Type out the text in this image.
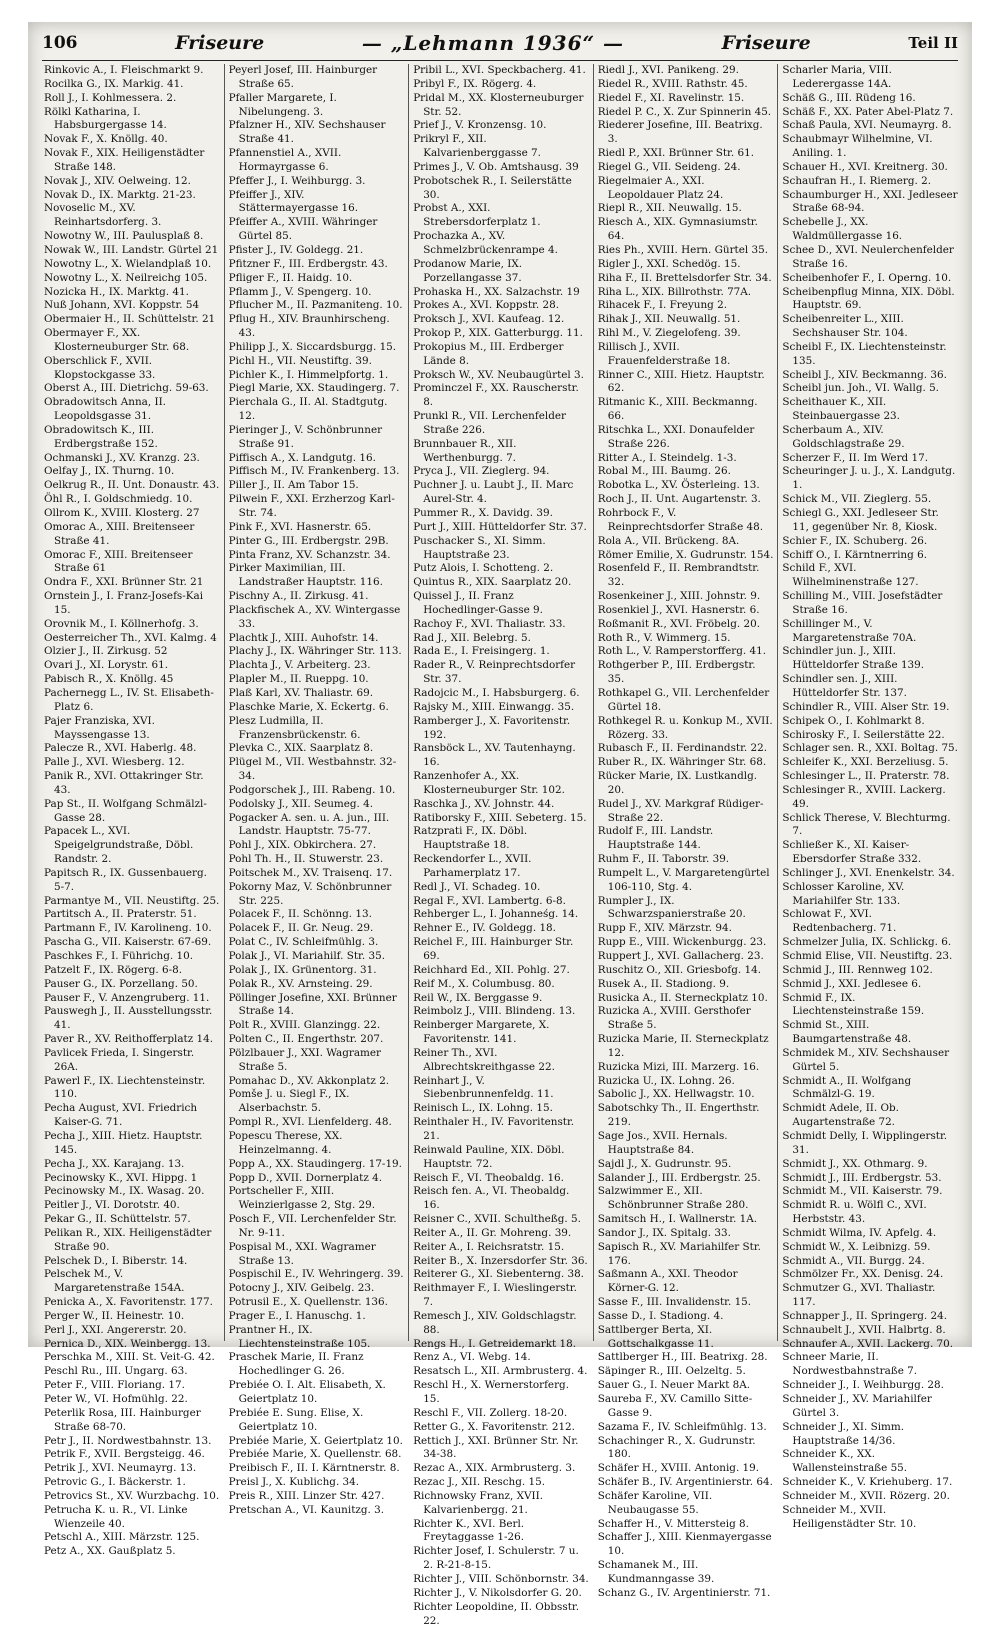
106	Friseure	— „Lehmann 1936“ —	Friseure	Teil II

Rinkovic A., I. Fleischmarkt 9.

Rocilka G., IX. Markig. 41.

Roll J., I. Kohlmessera. 2.

Rölkl Katharina, I. Habsburgergasse 14.

Novak F., X. Knöllg. 40.

Novak F., XIX. Heiligenstädter Straße 148.

Novak J., XIV. Oelweing. 12.

Novak D., IX. Marktg. 21-23.

Novoselic M., XV. Reinhartsdorferg. 3.

Nowotny W., III. Paulusplaß 8.

Nowak W., III. Landstr. Gürtel 21

Nowotny L., X. Wielandplaß 10.

Nowotny L., X. Neilreichg 105.

Nozicka H., IX. Marktg. 41.

Nuß Johann, XVI. Koppstr. 54

Obermaier H., II. Schüttelstr. 21

Obermayer F., XX. Klosterneuburger Str. 68.

Oberschlick F., XVII. Klopstockgasse 33.

Oberst A., III. Dietrichg. 59-63.

Obradowitsch Anna, II. Leopoldsgasse 31.

Obradowitsch K., III. Erdbergstraße 152.

Ochmanski J., XV. Kranzg. 23.

Oelfay J., IX. Thurng. 10.

Oelkrug R., II. Unt. Donaustr. 43.

Öhl R., I. Goldschmiedg. 10.

Ollrom K., XVIII. Klosterg. 27

Omorac A., XIII. Breitenseer Straße 41.

Omorac F., XIII. Breitenseer Straße 61

Ondra F., XXI. Brünner Str. 21

Ornstein J., I. Franz-Josefs-Kai 15.

Orovnik M., I. Köllnerhofg. 3.

Oesterreicher Th., XVI. Kalmg. 4

Olzier J., II. Zirkusg. 52

Ovari J., XI. Lorystr. 61.

Pabisch R., X. Knöllg. 45

Pachernegg L., IV. St. Elisabeth-Platz 6.

Pajer Franziska, XVI. Mayssengasse 13.

Palecze R., XVI. Haberlg. 48.

Palle J., XVI. Wiesberg. 12.

Panik R., XVI. Ottakringer Str. 43.

Pap St., II. Wolfgang Schmälzl-Gasse 28.

Papacek L., XVI. Speigelgrundstraße, Döbl. Randstr. 2.

Papitsch R., IX. Gussenbauerg. 5-7.

Parmantye M., VII. Neustiftg. 25.

Partitsch A., II. Praterstr. 51.

Partmann F., IV. Karolineng. 10.

Pascha G., VII. Kaiserstr. 67-69.

Paschkes F., I. Führichg. 10.

Patzelt F., IX. Rögerg. 6-8.

Pauser G., IX. Porzellang. 50.

Pauser F., V. Anzengruberg. 11.

Pauswegh J., II. Ausstellungsstr. 41.

Paver R., XV. Reithofferplatz 14.

Pavlicek Frieda, I. Singerstr. 26A.

Pawerl F., IX. Liechtensteinstr. 110.

Pecha August, XVI. Friedrich Kaiser-G. 71.

Pecha J., XIII. Hietz. Hauptstr. 145.

Pecha J., XX. Karajang. 13.

Pecinowsky K., XVI. Hippg. 1

Pecinowsky M., IX. Wasag. 20.

Peitler J., VI. Dorotstr. 40.

Pekar G., II. Schüttelstr. 57.

Pelikan R., XIX. Heiligenstädter Straße 90.

Pelschek D., I. Biberstr. 14.

Pelschek M., V. Margaretenstraße 154A.

Penicka A., X. Favoritenstr. 177.

Perger W., II. Heinestr. 10.

Perl J., XXI. Angererstr. 20.

Pernica D., XIX. Weinbergg. 13.

Perschka M., XIII. St. Veit-G. 42.

Peschl Ru., III. Ungarg. 63.

Peter F., VIII. Floriang. 17.

Peter W., VI. Hofmühlg. 22.

Peterlik Rosa, III. Hainburger Straße 68-70.

Petr J., II. Nordwestbahnstr. 13.

Petrik F., XVII. Bergsteigg. 46.

Petrik J., XVI. Neumayrg. 13.

Petrovic G., I. Bäckerstr. 1.

Petrovics St., XV. Wurzbachg. 10.

Petrucha K. u. R., VI. Linke Wienzeile 40.

Petschl A., XIII. Märzstr. 125.

Petz A., XX. Gaußplatz 5.

Peyerl Josef, III. Hainburger Straße 65.

Pfaller Margarete, I. Nibelungeng. 3.

Pfalzner H., XIV. Sechshauser Straße 41.

Pfannenstiel A., XVII. Hormayrgasse 6.

Pfeffer J., I. Weihburgg. 3.

Pfeiffer J., XIV. Stättermayergasse 16.

Pfeiffer A., XVIII. Währinger Gürtel 85.

Pfister J., IV. Goldegg. 21.

Pfitzner F., III. Erdbergstr. 43.

Pfliger F., II. Haidg. 10.

Pflamm J., V. Spengerg. 10.

Pflucher M., II. Pazmaniteng. 10.

Pflug H., XIV. Braunhirscheng. 43.

Philipp J., X. Siccardsburgg. 15.

Pichl H., VII. Neustiftg. 39.

Pichler K., I. Himmelpfortg. 1.

Piegl Marie, XX. Staudingerg. 7.

Pierchala G., II. Al. Stadtgutg. 12.

Pieringer J., V. Schönbrunner Straße 91.

Piffisch A., X. Landgutg. 16.

Piffisch M., IV. Frankenberg. 13.

Piller J., II. Am Tabor 15.

Pilwein F., XXI. Erzherzog Karl-Str. 74.

Pink F., XVI. Hasnerstr. 65.

Pinter G., III. Erdbergstr. 29B.

Pinta Franz, XV. Schanzstr. 34.

Pirker Maximilian, III. Landstraßer Hauptstr. 116.

Pischny A., II. Zirkusg. 41.

Plackfischek A., XV. Wintergasse 33.

Plachtk J., XIII. Auhofstr. 14.

Plachy J., IX. Währinger Str. 113.

Plachta J., V. Arbeiterg. 23.

Plapler M., II. Rueppg. 10.

Plaß Karl, XV. Thaliastr. 69.

Plaschke Marie, X. Eckertg. 6.

Plesz Ludmilla, II. Franzensbrückenstr. 6.

Plevka C., XIX. Saarplatz 8.

Plügel M., VII. Westbahnstr. 32-34.

Podgorschek J., III. Rabeng. 10.

Podolsky J., XII. Seumeg. 4.

Pogacker A. sen. u. A. jun., III. Landstr. Hauptstr. 75-77.

Pohl J., XIX. Obkirchera. 27.

Pohl Th. H., II. Stuwerstr. 23.

Poitschek M., XV. Traisenq. 17.

Pokorny Maz, V. Schönbrunner Str. 225.

Polacek F., II. Schönng. 13.

Polacek F., II. Gr. Neug. 29.

Polat C., IV. Schleifmühlg. 3.

Polak J., VI. Mariahilf. Str. 35.

Polak J., IX. Grünentorg. 31.

Polak R., XV. Arnsteing. 29.

Pöllinger Josefine, XXI. Brünner Straße 14.

Polt R., XVIII. Glanzingg. 22.

Polten C., II. Engerthstr. 207.

Pölzlbauer J., XXI. Wagramer Straße 5.

Pomahac D., XV. Akkonplatz 2.

Pomše J. u. Siegl F., IX. Alserbachstr. 5.

Pompl R., XVI. Lienfelderg. 48.

Popescu Therese, XX. Heinzelmanng. 4.

Popp A., XX. Staudingerg. 17-19.

Popp D., XVII. Dornerplatz 4.

Portscheller F., XIII. Weinzierlgasse 2, Stg. 29.

Posch F., VII. Lerchenfelder Str. Nr. 9-11.

Pospisal M., XXI. Wagramer Straße 13.

Pospischil E., IV. Wehringerg. 39.

Potocny J., XIV. Geibelg. 23.

Potrusil E., X. Quellenstr. 136.

Prager E., I. Hanuschg. 1.

Prantner H., IX. Liechtensteinstraße 105.

Praschek Marie, II. Franz Hochedlinger G. 26.

Prebiée O. I. Alt. Elisabeth, X. Geiertplatz 10.

Prebiée E. Sung. Elise, X. Geiertplatz 10.

Prebiée Marie, X. Geiertplatz 10.

Prebiée Marie, X. Quellenstr. 68.

Preibisch F., II. I. Kärntnerstr. 8.

Preisl J., X. Kublichg. 34.

Preis R., XIII. Linzer Str. 427.

Pretschan A., VI. Kaunitzg. 3.

Pribil L., XVI. Speckbacherg. 41.

Pribyl F., IX. Rögerg. 4.

Pridal M., XX. Klosterneuburger Str. 52.

Prief J., V. Kronzensg. 10.

Prikryl F., XII. Kalvarienberggasse 7.

Primes J., V. Ob. Amtshausg. 39

Probotschek R., I. Seilerstätte 30.

Probst A., XXI. Strebersdorferplatz 1.

Prochazka A., XV. Schmelzbrückenrampe 4.

Prodanow Marie, IX. Porzellangasse 37.

Prohaska H., XX. Salzachstr. 19

Prokes A., XVI. Koppstr. 28.

Proksch J., XVI. Kaufeag. 12.

Prokop P., XIX. Gatterburgg. 11.

Prokopius M., III. Erdberger Lände 8.

Proksch W., XV. Neubaugürtel 3.

Prominczel F., XX. Rauscherstr. 8.

Prunkl R., VII. Lerchenfelder Straße 226.

Brunnbauer R., XII. Werthenburgg. 7.

Pryca J., VII. Zieglerg. 94.

Puchner J. u. Laubt J., II. Marc Aurel-Str. 4.

Pummer R., X. Davidg. 39.

Purt J., XIII. Hütteldorfer Str. 37.

Puschacker S., XI. Simm. Hauptstraße 23.

Putz Alois, I. Schotteng. 2.

Quintus R., XIX. Saarplatz 20.

Quissel J., II. Franz Hochedlinger-Gasse 9.

Rachoy F., XVI. Thaliastr. 33.

Rad J., XII. Belebrg. 5.

Rada E., I. Freisingerg. 1.

Rader R., V. Reinprechtsdorfer Str. 37.

Radojcic M., I. Habsburgerg. 6.

Rajsky M., XIII. Einwangg. 35.

Ramberger J., X. Favoritenstr. 192.

Ransböck L., XV. Tautenhayng. 16.

Ranzenhofer A., XX. Klosterneuburger Str. 102.

Raschka J., XV. Johnstr. 44.

Ratiborsky F., XIII. Sebeterg. 15.

Ratzprati F., IX. Döbl. Hauptstraße 18.

Reckendorfer L., XVII. Parhamerplatz 17.

Redl J., VI. Schadeg. 10.

Regal F., XVI. Lambertg. 6-8.

Rehberger L., I. Johanneśg. 14.

Rehner E., IV. Goldegg. 18.

Reichel F., III. Hainburger Str. 69.

Reichhard Ed., XII. Pohlg. 27.

Reif M., X. Columbusg. 80.

Reil W., IX. Berggasse 9.

Reimbolz J., VIII. Blindeng. 13.

Reinberger Margarete, X. Favoritenstr. 141.

Reiner Th., XVI. Albrechtskreithgasse 22.

Reinhart J., V. Siebenbrunnenfeldg. 11.

Reinisch L., IX. Lohng. 15.

Reinthaler H., IV. Favoritenstr. 21.

Reinwald Pauline, XIX. Döbl. Hauptstr. 72.

Reisch F., VI. Theobaldg. 16.

Reisch fen. A., VI. Theobaldg. 16.

Reisner C., XVII. Schultheßg. 5.

Reiter A., II. Gr. Mohreng. 39.

Reiter A., I. Reichsratstr. 15.

Reiter B., X. Inzersdorfer Str. 36.

Reiterer G., XI. Siebenterng. 38.

Reithmayer F., I. Wieslingerstr. 7.

Remesch J., XIV. Goldschlagstr. 88.

Rengs H., I. Getreidemarkt 18.

Renz A., VI. Webg. 14.

Resatsch L., XII. Armbrusterg. 4.

Reschl H., X. Wernerstorferg. 15.

Reschl F., VII. Zollerg. 18-20.

Retter G., X. Favoritenstr. 212.

Rettich J., XXI. Brünner Str. Nr. 34-38.

Rezac A., XIX. Armbrusterg. 3.

Rezac J., XII. Reschg. 15.

Richnowsky Franz, XVII. Kalvarienbergg. 21.

Richter K., XVI. Berl. Freytaggasse 1-26.

Richter Josef, I. Schulerstr. 7 u. 2. R-21-8-15.

Richter J., VIII. Schönbornstr. 34.

Richter J., V. Nikolsdorfer G. 20.

Richter Leopoldine, II. Obbsstr. 22.

Riedl J., XVI. Panikeng. 29.

Riedel R., XVIII. Rathstr. 45.

Riedel F., XI. Ravelinstr. 15.

Riedel P. C., X. Zur Spinnerin 45.

Riederer Josefine, III. Beatrixg. 3.

Riedl P., XXI. Brünner Str. 61.

Riegel G., VII. Seideng. 24.

Riegelmaier A., XXI. Leopoldauer Platz 24.

Riepl R., XII. Neuwallg. 15.

Riesch A., XIX. Gymnasiumstr. 64.

Ries Ph., XVIII. Hern. Gürtel 35.

Rigler J., XXI. Schedög. 15.

Riha F., II. Brettelsdorfer Str. 34.

Riha L., XIX. Billrothstr. 77A.

Rihacek F., I. Freyung 2.

Rihak J., XII. Neuwallg. 51.

Rihl M., V. Ziegelofeng. 39.

Rillisch J., XVII. Frauenfelderstraße 18.

Rinner C., XIII. Hietz. Hauptstr. 62.

Ritmanic K., XIII. Beckmanng. 66.

Ritschka L., XXI. Donaufelder Straße 226.

Ritter A., I. Steindelg. 1-3.

Robal M., III. Baumg. 26.

Robotka L., XV. Österleing. 13.

Roch J., II. Unt. Augartenstr. 3.

Rohrbock F., V. Reinprechtsdorfer Straße 48.

Rola A., VII. Brückeng. 8A.

Römer Emilie, X. Gudrunstr. 154.

Rosenfeld F., II. Rembrandtstr. 32.

Rosenkeiner J., XIII. Johnstr. 9.

Rosenkiel J., XVI. Hasnerstr. 6.

Roßmanit R., XVI. Fröbelg. 20.

Roth R., V. Wimmerg. 15.

Roth L., V. Ramperstorfferg. 41.

Rothgerber P., III. Erdbergstr. 35.

Rothkapel G., VII. Lerchenfelder Gürtel 18.

Rothkegel R. u. Konkup M., XVII. Rözerg. 33.

Rubasch F., II. Ferdinandstr. 22.

Ruber R., IX. Währinger Str. 68.

Rücker Marie, IX. Lustkandlg. 20.

Rudel J., XV. Markgraf Rüdiger-Straße 22.

Rudolf F., III. Landstr. Hauptstraße 144.

Ruhm F., II. Taborstr. 39.

Rumpelt L., V. Margaretengürtel 106-110, Stg. 4.

Rumpler J., IX. Schwarzspanierstraße 20.

Rupp F., XIV. Märzstr. 94.

Rupp E., VIII. Wickenburgg. 23.

Ruppert J., XVI. Gallacherg. 23.

Ruschitz O., XII. Griesbofg. 14.

Rusek A., II. Stadiong. 9.

Rusicka A., II. Sterneckplatz 10.

Ruzicka A., XVIII. Gersthofer Straße 5.

Ruzicka Marie, II. Sterneckplatz 12.

Ruzicka Mizi, III. Marzerg. 16.

Ruzicka U., IX. Lohng. 26.

Sabolic J., XX. Hellwagstr. 10.

Sabotschky Th., II. Engerthstr. 219.

Sage Jos., XVII. Hernals. Hauptstraße 84.

Sajdl J., X. Gudrunstr. 95.

Salander J., III. Erdbergstr. 25.

Salzwimmer E., XII. Schönbrunner Straße 280.

Samitsch H., I. Wallnerstr. 1A.

Sandor J., IX. Spitalg. 33.

Sapisch R., XV. Mariahilfer Str. 176.

Saßmann A., XXI. Theodor Körner-G. 12.

Sasse F., III. Invalidenstr. 15.

Sasse D., I. Stadiong. 4.

Sattlberger Berta, XI. Gottschalkgasse 11.

Sattlberger H., III. Beatrixg. 28.

Säpinger R., III. Oelzeltg. 5.

Sauer G., I. Neuer Markt 8A.

Saureba F., XV. Camillo Sitte-Gasse 9.

Sazama F., IV. Schleifmühlg. 13.

Schachinger R., X. Gudrunstr. 180.

Schäfer H., XVIII. Antonig. 19.

Schäfer B., IV. Argentinierstr. 64.

Schäfer Karoline, VII. Neubaugasse 55.

Schaffer H., V. Mittersteig 8.

Schaffer J., XIII. Kienmayergasse 10.

Schamanek M., III. Kundmanngasse 39.

Schanz G., IV. Argentinierstr. 71.

Scharler Maria, VIII. Lederergasse 14A.

Schäß G., III. Rüdeng 16.

Schäß F., XX. Pater Abel-Platz 7.

Schaß Paula, XVI. Neumayrg. 8.

Schaubmayr Wilhelmine, VI. Aniling. 1.

Schauer H., XVI. Kreitnerg. 30.

Schaufran H., I. Riemerg. 2.

Schaumburger H., XXI. Jedleseer Straße 68-94.

Schebelle J., XX. Waldmüllergasse 16.

Schee D., XVI. Neulerchenfelder Straße 16.

Scheibenhofer F., I. Operng. 10.

Scheibenpflug Minna, XIX. Döbl. Hauptstr. 69.

Scheibenreiter L., XIII. Sechshauser Str. 104.

Scheibl F., IX. Liechtensteinstr. 135.

Scheibl J., XIV. Beckmanng. 36.

Scheibl jun. Joh., VI. Wallg. 5.

Scheithauer K., XII. Steinbauergasse 23.

Scherbaum A., XIV. Goldschlagstraße 29.

Scherzer F., II. Im Werd 17.

Scheuringer J. u. J., X. Landgutg. 1.

Schick M., VII. Zieglerg. 55.

Schiegl G., XXI. Jedleseer Str. 11, gegenüber Nr. 8, Kiosk.

Schier F., IX. Schuberg. 26.

Schiff O., I. Kärntnerring 6.

Schild F., XVI. Wilhelminenstraße 127.

Schilling M., VIII. Josefstädter Straße 16.

Schillinger M., V. Margaretenstraße 70A.

Schindler jun. J., XIII. Hütteldorfer Straße 139.

Schindler sen. J., XIII. Hütteldorfer Str. 137.

Schindler R., VIII. Alser Str. 19.

Schipek O., I. Kohlmarkt 8.

Schirosky F., I. Seilerstätte 22.

Schlager sen. R., XXI. Boltag. 75.

Schleifer K., XXI. Berzeliusg. 5.

Schlesinger L., II. Praterstr. 78.

Schlesinger R., XVIII. Lackerg. 49.

Schlick Therese, V. Blechturmg. 7.

Schließer K., XI. Kaiser-Ebersdorfer Straße 332.

Schlinger J., XVI. Enenkelstr. 34.

Schlosser Karoline, XV. Mariahilfer Str. 133.

Schlowat F., XVI. Redtenbacherg. 71.

Schmelzer Julia, IX. Schlickg. 6.

Schmid Elise, VII. Neustiftg. 23.

Schmid J., III. Rennweg 102.

Schmid J., XXI. Jedlesee 6.

Schmid F., IX. Liechtensteinstraße 159.

Schmid St., XIII. Baumgartenstraße 48.

Schmidek M., XIV. Sechshauser Gürtel 5.

Schmidt A., II. Wolfgang Schmälzl-G. 19.

Schmidt Adele, II. Ob. Augartenstraße 72.

Schmidt Delly, I. Wipplingerstr. 31.

Schmidt J., XX. Othmarg. 9.

Schmidt J., III. Erdbergstr. 53.

Schmidt M., VII. Kaiserstr. 79.

Schmidt R. u. Wölfl C., XVI. Herbststr. 43.

Schmidt Wilma, IV. Apfelg. 4.

Schmidt W., X. Leibnizg. 59.

Schmidt A., VII. Burgg. 24.

Schmölzer Fr., XX. Denisg. 24.

Schmutzer G., XVI. Thaliastr. 117.

Schnapper J., II. Springerg. 24.

Schnaubelt J., XVII. Halbrtg. 8.

Schnaufer A., XVII. Lackerg. 70.

Schneer Marie, II. Nordwestbahnstraße 7.

Schneider J., I. Weihburgg. 28.

Schneider J., XV. Mariahilfer Gürtel 3.

Schneider J., XI. Simm. Hauptstraße 14/36.

Schneider K., XX. Wallensteinstraße 55.

Schneider K., V. Kriehuberg. 17.

Schneider M., XVII. Rözerg. 20.

Schneider M., XVII. Heiligenstädter Str. 10.
